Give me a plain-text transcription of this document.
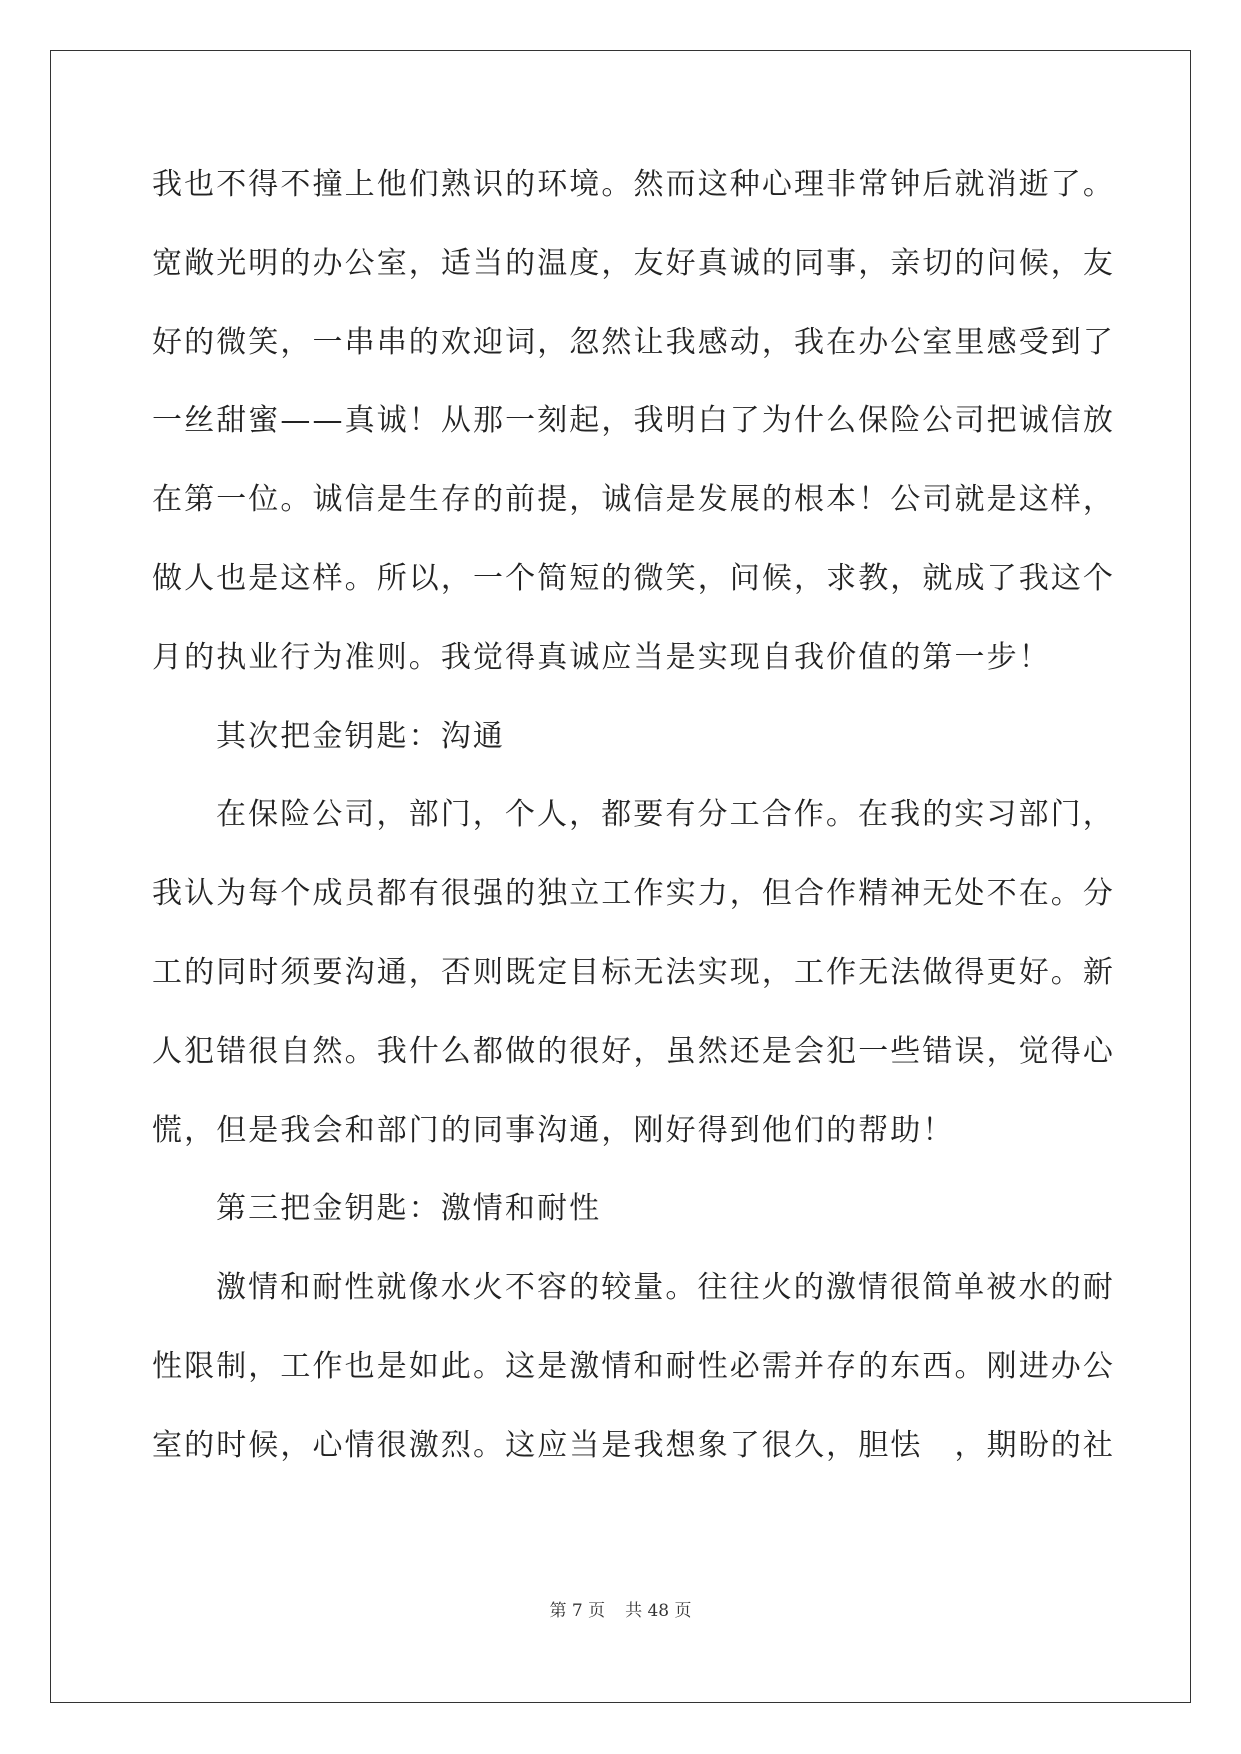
我也不得不撞上他们熟识的环境。然而这种心理非常钟后就消逝了。
宽敞光明的办公室，适当的温度，友好真诚的同事，亲切的问候，友
好的微笑，一串串的欢迎词，忽然让我感动，我在办公室里感受到了
一丝甜蜜——真诚！从那一刻起，我明白了为什么保险公司把诚信放
在第一位。诚信是生存的前提，诚信是发展的根本！公司就是这样，
做人也是这样。所以，一个简短的微笑，问候，求教，就成了我这个
月的执业行为准则。我觉得真诚应当是实现自我价值的第一步！
其次把金钥匙：沟通
在保险公司，部门，个人，都要有分工合作。在我的实习部门，
我认为每个成员都有很强的独立工作实力，但合作精神无处不在。分
工的同时须要沟通，否则既定目标无法实现，工作无法做得更好。新
人犯错很自然。我什么都做的很好，虽然还是会犯一些错误，觉得心
慌，但是我会和部门的同事沟通，刚好得到他们的帮助！
第三把金钥匙：激情和耐性
激情和耐性就像水火不容的较量。往往火的激情很简单被水的耐
性限制，工作也是如此。这是激情和耐性必需并存的东西。刚进办公
室的时候，心情很激烈。这应当是我想象了很久，胆怯　，期盼的社
第 7 页 共 48 页
